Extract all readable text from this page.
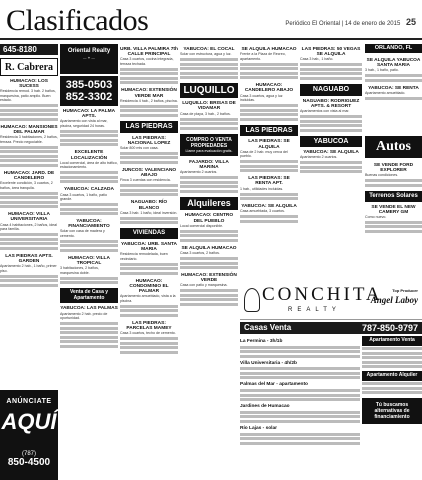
Clasificados	Periódico El Oriental | 14 de enero de 2015 25
645-8180
R. Cabrera
HUMACAO: LOS SUCESS
Residencia remod. 3 hab. 2 baños, marquesina, patio amplio. Buen estado.
HUMACAO: MANSIONES DEL PALMAR
Residencia 3 habitaciones, 2 baños, terraza. Precio negociable.
HUMACAO: JARD. DE CANDELERO
Excelente condición, 3 cuartos, 2 baños, área tranquila.
HUMACAO: VILLA UNIVERSITARIA
Casa 4 habitaciones, 2 baños, ideal para familia.
LAS PIEDRAS APTS. GARDEN
Apartamento 2 hab., 1 baño, primer piso.
ANÚNCIATE
AQUÍ
(787)
850-4500
Oriental Realty
— ✦ —
385-0503
852-3302
HUMACAO: LA PALMA APTS.
Apartamento con vista al mar, piscina, seguridad 24 horas.
EXCELENTE LOCALIZACIÓN
Local comercial, área de alto tráfico, estacionamiento.
YABUCOA: CALZADA
Casa 3 cuartos, 1 baño, patio grande.
YABUCOA: FINANCIAMIENTO
Solar con casa de madera y cemento.
HUMACAO: VILLA TROPICAL
3 habitaciones, 2 baños, marquesina doble.
Venta de Casa y Apartamento
YABUCOA: LAS PALMAS
Apartamento 2 hab. precio de oportunidad.
URB. VILLA PALMIRA 7th CALLE PRINCIPAL
Casa 3 cuartos, cocina integrada, terraza techada.
HUMACAO: EXTENSIÓN VERDE MAR
Residencia 4 hab., 2 baños, piscina.
LAS PIEDRAS
LAS PIEDRAS: NACIONAL LOPEZ
Solar 800 mts con casa.
JUNCOS: VALENCIANO ABAJO
Finca 3 cuerdas con residencia.
NAGUABO: RÍO BLANCO
Casa 3 hab. 1 baño, ideal inversión.
VIVIENDAS
YABUCOA: URB. SANTA MARIA
Residencia remodelada, buen vecindario.
HUMACAO: CONDOMINIO EL PALMAR
Apartamento amueblado, vista a la piscina.
LAS PIEDRAS: PARCELAS MAMEY
Casa 3 cuartos, techo de cemento.
YABUCOA: EL COCAL
Solar con estructura, agua y luz.
LUQUILLO
LUQUILLO: BRISAS DE VIDAMAR
Casa de playa, 3 hab., 2 baños.
COMPRO O VENTA PROPIEDADES
Llame para evaluación gratis.
FAJARDO: VILLA MARINA
Apartamento 2 cuartos.
Alquileres
HUMACAO: CENTRO DEL PUEBLO
Local comercial disponible.
SE ALQUILA HUMACAO
Casa 3 cuartos, 2 baños.
HUMACAO: EXTENSIÓN VERDE
Casa con patio y marquesina.
SE ALQUILA HUMACAO
Frente a la Plaza de Recreo, apartamento.
HUMACAO: CANDELERO ABAJO
Casa 3 cuartos, agua y luz incluidas.
LAS PIEDRAS
LAS PIEDRAS: SE ALQUILA
Casa de 2 hab. muy cerca del pueblo.
LAS PIEDRAS: SE RENTA APT.
1 hab., utilidades incluidas.
YABUCOA: SE ALQUILA
Casa amueblada, 3 cuartos.
LAS PIEDRAS: 50 VEGAS SE ALQUILA
Casa 3 hab., 1 baño.
NAGUABO
NAGUABO: RODRIGUEZ APTS. & RESORT
Apartamentos con vista al mar.
YABUCOA
YABUCOA: SE ALQUILA
Apartamento 2 cuartos.
ORLANDO, FL
SE ALQUILA YABUCOA SANTA MARIA
3 hab., 1 baño, patio.
YABUCOA: SE RENTA
Apartamento amueblado.
Autos
SE VENDE FORD EXPLORER
Buenas condiciones.
Terrenos Solares
SE VENDE EL NEW CAMERY GM
Como nuevo.
CONCHITA
REALTY
Top Producer
Ángel Laboy
Casas Venta	787-850-9797
La Fermina - 3h/1b
Villa Universitaria - 4h/2b
Palmas del Mar - apartamento
Jardines de Humacao
Río Lajas - solar
Apartamento Venta
Apartamento Alquiler
Tú buscamos alternativas de financiamiento
